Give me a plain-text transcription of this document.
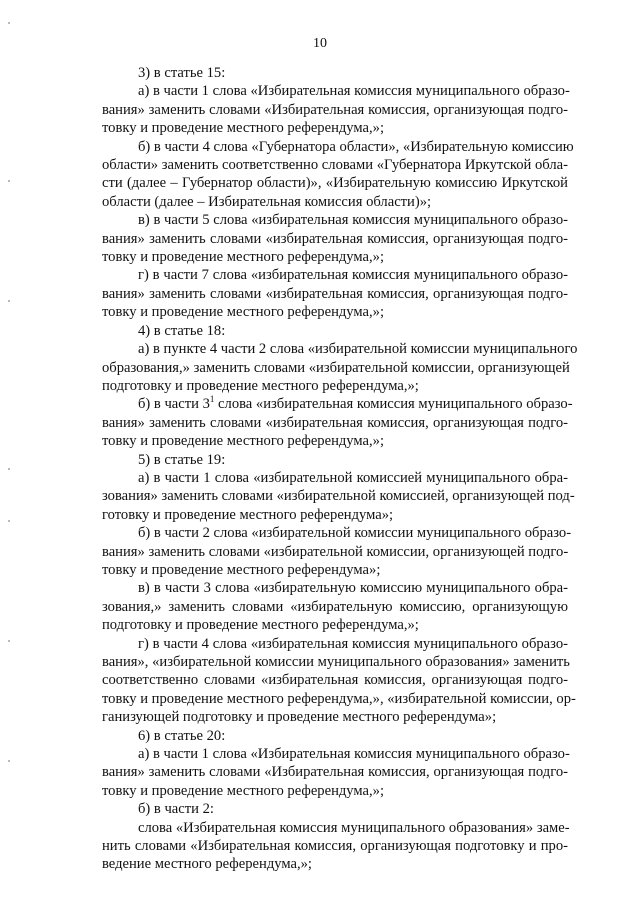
10
3) в статье 15:
а) в части 1 слова «Избирательная комиссия муниципального образо-
вания» заменить словами «Избирательная комиссия, организующая подго-
товку и проведение местного референдума,»;
б) в части 4 слова «Губернатора области», «Избирательную комиссию
области» заменить соответственно словами «Губернатора Иркутской обла-
сти (далее – Губернатор области)», «Избирательную комиссию Иркутской
области (далее – Избирательная комиссия области)»;
в) в части 5 слова «избирательная комиссия муниципального образо-
вания» заменить словами «избирательная комиссия, организующая подго-
товку и проведение местного референдума,»;
г) в части 7 слова «избирательная комиссия муниципального образо-
вания» заменить словами «избирательная комиссия, организующая подго-
товку и проведение местного референдума,»;
4) в статье 18:
а) в пункте 4 части 2 слова «избирательной комиссии муниципального
образования,» заменить словами «избирательной комиссии, организующей
подготовку и проведение местного референдума,»;
б) в части $3^1$ слова «избирательная комиссия муниципального образо-
вания» заменить словами «избирательная комиссия, организующая подго-
товку и проведение местного референдума,»;
5) в статье 19:
а) в части 1 слова «избирательной комиссией муниципального обра-
зования» заменить словами «избирательной комиссией, организующей под-
готовку и проведение местного референдума»;
б) в части 2 слова «избирательной комиссии муниципального образо-
вания» заменить словами «избирательной комиссии, организующей подго-
товку и проведение местного референдума»;
в) в части 3 слова «избирательную комиссию муниципального обра-
зования,» заменить словами «избирательную комиссию, организующую
подготовку и проведение местного референдума,»;
г) в части 4 слова «избирательная комиссия муниципального образо-
вания», «избирательной комиссии муниципального образования» заменить
соответственно словами «избирательная комиссия, организующая подго-
товку и проведение местного референдума,», «избирательной комиссии, ор-
ганизующей подготовку и проведение местного референдума»;
6) в статье 20:
а) в части 1 слова «Избирательная комиссия муниципального образо-
вания» заменить словами «Избирательная комиссия, организующая подго-
товку и проведение местного референдума,»;
б) в части 2:
слова «Избирательная комиссия муниципального образования» заме-
нить словами «Избирательная комиссия, организующая подготовку и про-
ведение местного референдума,»;
